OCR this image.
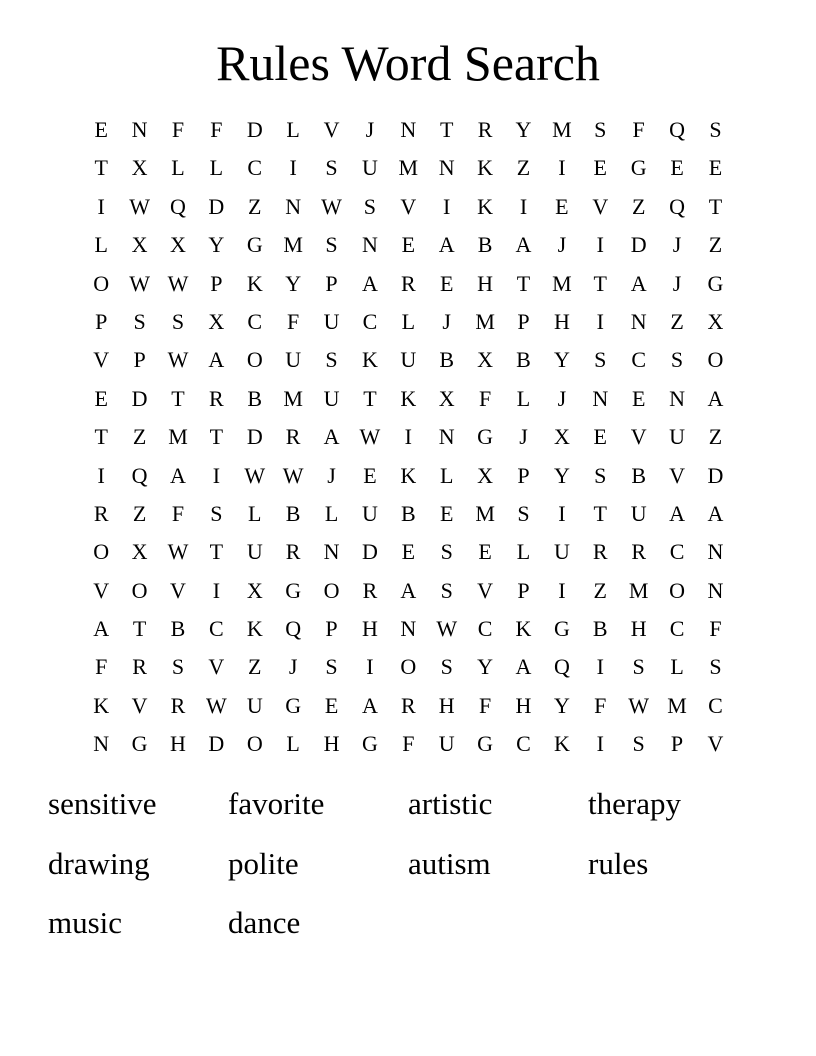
Rules Word Search
E	N	F	F	D	L	V	J	N	T	R	Y M	S	F	Q	S
T	X	L	L	C	I	S	U M N	K	Z	I	E	G	E	E
I	W Q	D	Z	N W S	V	I	K	I	E	V	Z	Q	T
L	X	X	Y	G M	S	N	E	A	B	A	J	I	D	J	Z
O W W P	K	Y	P	A	R	E	H	T M T	A	J	G
P	S	S	X	C	F	U	C	L	J	M	P	H	I	N	Z	X
V	P W A	O	U	S	K	U	B	X	B	Y	S	C	S	O
E	D	T	R	B M U	T	K	X	F	L	J	N	E	N	A
T	Z M T	D	R	A W	I	N	G	J	X	E	V	U	Z
I	Q	A	I	W W	J	E	K	L	X	P	Y	S	B	V	D
R	Z	F	S	L	B	L	U	B	E M	S	I	T	U	A	A
O	X W T	U	R	N	D	E	S	E	L	U	R	R	C	N
V	O	V	I	X	G	O	R	A	S	V	P	I	Z M O	N
A	T	B	C	K	Q	P	H	N W C	K	G	B	H	C	F
F	R	S	V	Z	J	S	I	O	S	Y	A	Q	I	S	L	S
K	V	R W U	G	E	A	R	H	F	H	Y	F W M C
N	G	H	D	O	L	H	G	F	U	G	C	K	I	S	P	V
sensitive	favorite	artistic	therapy
drawing	polite	autism	rules
music	dance
